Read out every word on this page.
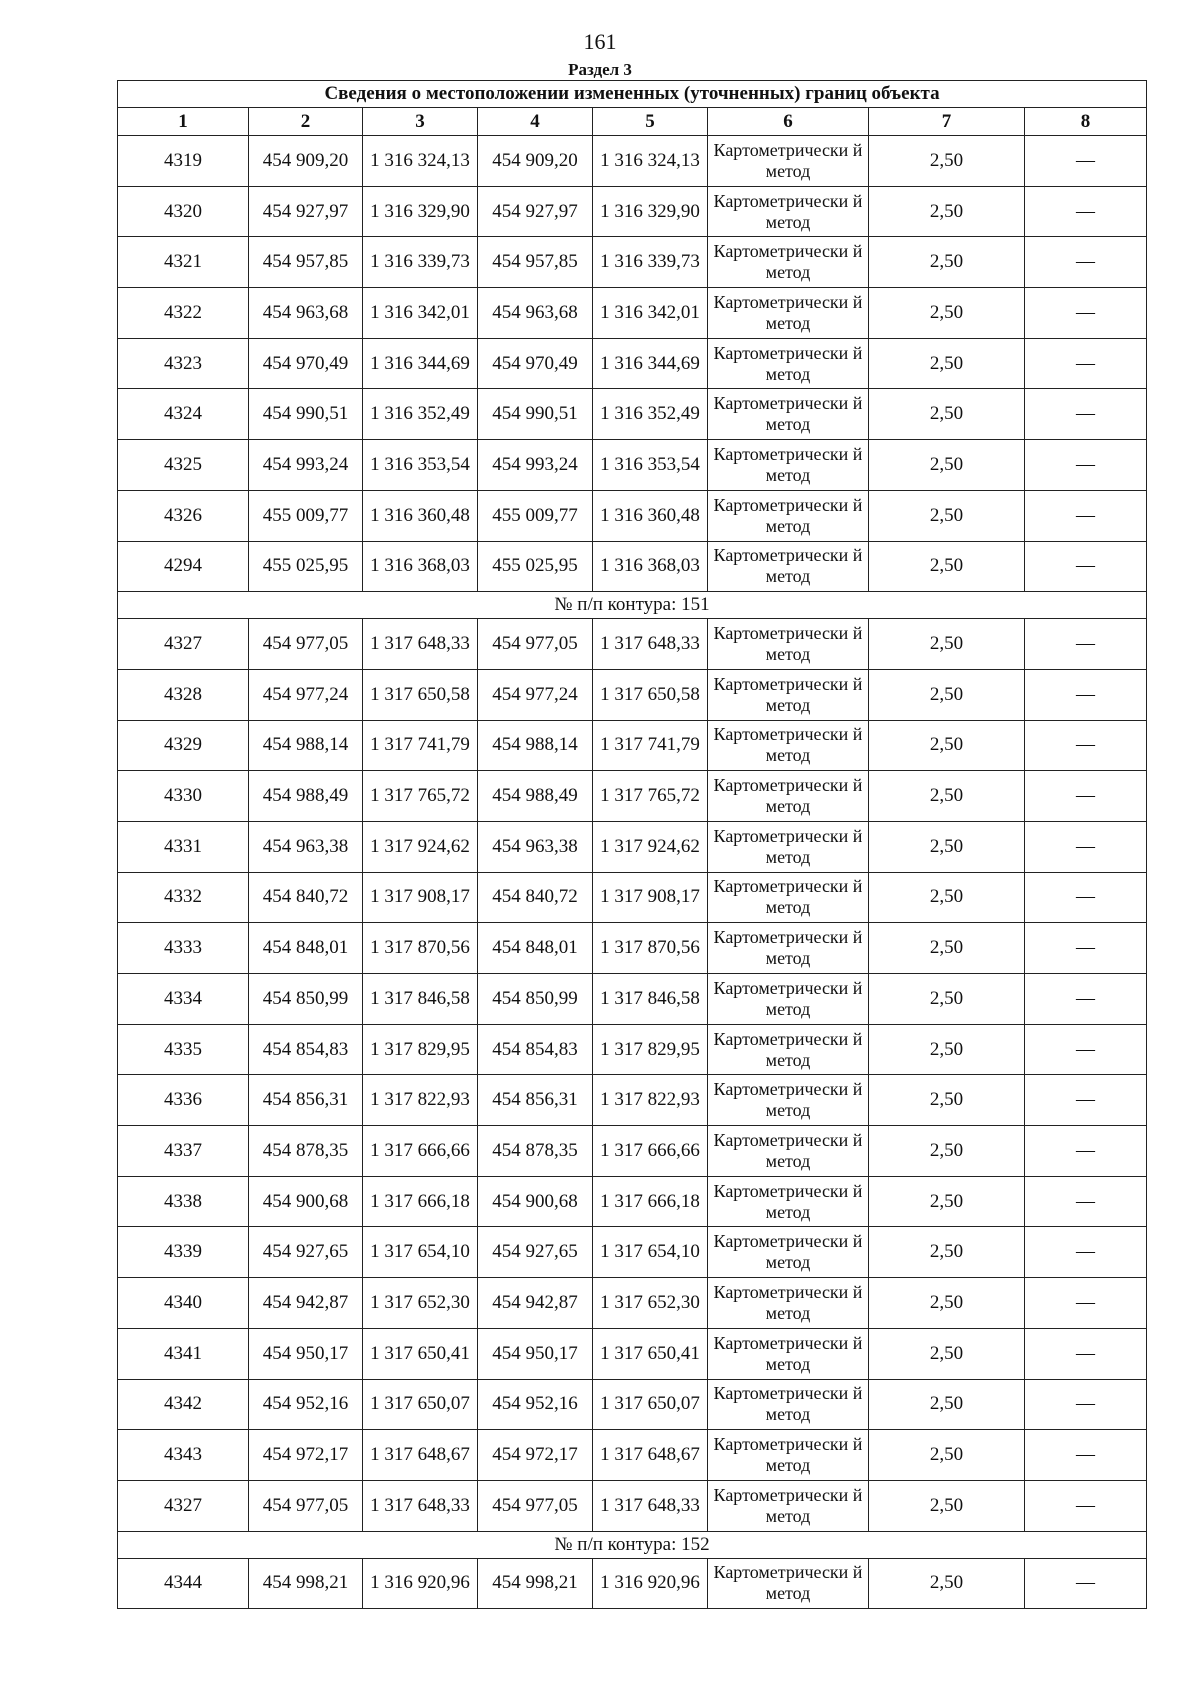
161
Раздел 3
Сведения о местоположении измененных (уточненных) границ объекта							
1	2	3	4	5	6	7	8
4319	454 909,20	1 316 324,13	454 909,20	1 316 324,13	Картометрически й метод	2,50	—
4320	454 927,97	1 316 329,90	454 927,97	1 316 329,90	Картометрически й метод	2,50	—
4321	454 957,85	1 316 339,73	454 957,85	1 316 339,73	Картометрически й метод	2,50	—
4322	454 963,68	1 316 342,01	454 963,68	1 316 342,01	Картометрически й метод	2,50	—
4323	454 970,49	1 316 344,69	454 970,49	1 316 344,69	Картометрически й метод	2,50	—
4324	454 990,51	1 316 352,49	454 990,51	1 316 352,49	Картометрически й метод	2,50	—
4325	454 993,24	1 316 353,54	454 993,24	1 316 353,54	Картометрически й метод	2,50	—
4326	455 009,77	1 316 360,48	455 009,77	1 316 360,48	Картометрически й метод	2,50	—
4294	455 025,95	1 316 368,03	455 025,95	1 316 368,03	Картометрически й метод	2,50	—
№ п/п контура: 151							
4327	454 977,05	1 317 648,33	454 977,05	1 317 648,33	Картометрически й метод	2,50	—
4328	454 977,24	1 317 650,58	454 977,24	1 317 650,58	Картометрически й метод	2,50	—
4329	454 988,14	1 317 741,79	454 988,14	1 317 741,79	Картометрически й метод	2,50	—
4330	454 988,49	1 317 765,72	454 988,49	1 317 765,72	Картометрически й метод	2,50	—
4331	454 963,38	1 317 924,62	454 963,38	1 317 924,62	Картометрически й метод	2,50	—
4332	454 840,72	1 317 908,17	454 840,72	1 317 908,17	Картометрически й метод	2,50	—
4333	454 848,01	1 317 870,56	454 848,01	1 317 870,56	Картометрически й метод	2,50	—
4334	454 850,99	1 317 846,58	454 850,99	1 317 846,58	Картометрически й метод	2,50	—
4335	454 854,83	1 317 829,95	454 854,83	1 317 829,95	Картометрически й метод	2,50	—
4336	454 856,31	1 317 822,93	454 856,31	1 317 822,93	Картометрически й метод	2,50	—
4337	454 878,35	1 317 666,66	454 878,35	1 317 666,66	Картометрически й метод	2,50	—
4338	454 900,68	1 317 666,18	454 900,68	1 317 666,18	Картометрически й метод	2,50	—
4339	454 927,65	1 317 654,10	454 927,65	1 317 654,10	Картометрически й метод	2,50	—
4340	454 942,87	1 317 652,30	454 942,87	1 317 652,30	Картометрически й метод	2,50	—
4341	454 950,17	1 317 650,41	454 950,17	1 317 650,41	Картометрически й метод	2,50	—
4342	454 952,16	1 317 650,07	454 952,16	1 317 650,07	Картометрически й метод	2,50	—
4343	454 972,17	1 317 648,67	454 972,17	1 317 648,67	Картометрически й метод	2,50	—
4327	454 977,05	1 317 648,33	454 977,05	1 317 648,33	Картометрически й метод	2,50	—
№ п/п контура: 152							
4344	454 998,21	1 316 920,96	454 998,21	1 316 920,96	Картометрически й метод	2,50	—
